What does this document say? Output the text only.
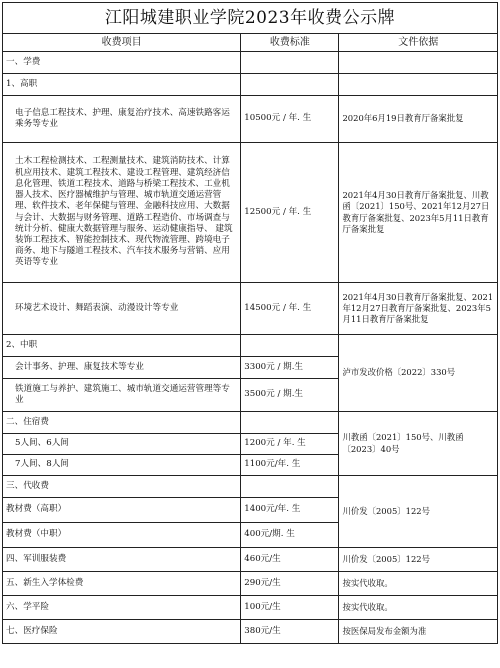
江阳城建职业学院2023年收费公示牌
收费项目	收费标准	文件依据
一、学费		
1、高职		
电子信息工程技术、护理、康复治疗技术、高速铁路客运乘务等专业	10500元 / 年. 生	2020年6月19日教育厅备案批复
土木工程检测技术、工程测量技术、建筑消防技术、计算机应用技术、建筑工程技术、建设工程管理、建筑经济信息化管理、铁道工程技术、道路与桥梁工程技术、工业机器人技术、医疗器械维护与管理、城市轨道交通运营管理、软件技术、老年保健与管理、金融科技应用、大数据与会计、大数据与财务管理、道路工程造价、市场调查与统计分析、健康大数据管理与服务、运动健康指导、 建筑装饰工程技术、智能控制技术、现代物流管理、跨境电子商务、地下与隧道工程技术、汽车技术服务与营销、应用英语等专业	12500元 / 年. 生	2021年4月30日教育厅备案批复、川教函〔2021〕150号、2021年12月27日教育厅备案批复、2023年5月11日教育厅备案批复
环境艺术设计、舞蹈表演、动漫设计等专业	14500元 / 年. 生	2021年4月30日教育厅备案批复、2021年12月27日教育厅备案批复、2023年5月11日教育厅备案批复
2、中职		泸市发改价格〔2022〕330号
会计事务、护理、康复技术等专业	3300元 / 期.生	
铁道施工与养护、建筑施工、城市轨道交通运营管理等专业	3500元 / 期.生	
二、住宿费		川教函〔2021〕150号、川教函〔2023〕40号
5人间、6人间	1200元 / 年. 生	
7人间、8人间	1100元/年. 生	
三、代收费		川价发〔2005〕122号
教材费（高职）	1400元/年. 生	
教材费（中职）	400元/期. 生	
四、军训服装费	460元/生	川价发〔2005〕122号
五、新生入学体检费	290元/生	按实代收取。
六、学平险	100元/生	按实代收取。
七、医疗保险	380元/生	按医保局发布金额为准
